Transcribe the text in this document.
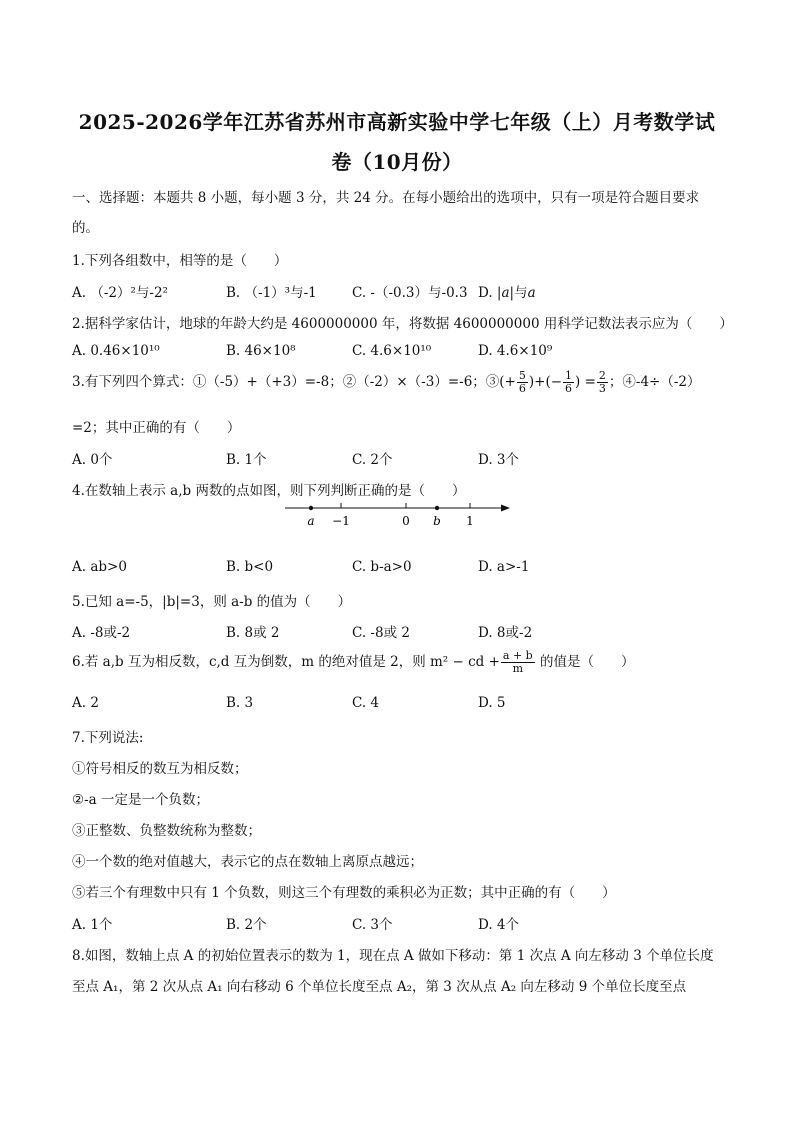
2025-2026学年江苏省苏州市高新实验中学七年级（上）月考数学试
卷（10月份）
一、选择题：本题共 8 小题，每小题 3 分，共 24 分。在每小题给出的选项中，只有一项是符合题目要求
的。
1.下列各组数中，相等的是（　　）
A. （-2）²与-2²	B. （-1）³与-1	C. -（-0.3）与-0.3 D. |a|与a
2.据科学家估计，地球的年龄大约是 4600000000 年，将数据 4600000000 用科学记数法表示应为（　　）
A. 0.46×10¹⁰	B. 46×10⁸	C. 4.6×10¹⁰	D. 4.6×10⁹
3.有下列四个算式：①（-5）+（+3）=-8；②（-2）×（-3）=-6；③(+ $\frac{5}{6}$ )+(− $\frac{1}{6}$ ) = $\frac{2}{3}$ ；④-4÷（-2）
=2；其中正确的有（　　）
A. 0个	B. 1个	C. 2个	D. 3个
4.在数轴上表示 a,b 两数的点如图，则下列判断正确的是（　　）
a −1	0 b 1
A. ab>0	B. b<0	C. b-a>0	D. a>-1
5.已知 a=-5，|b|=3，则 a-b 的值为（　　）
A. -8或-2	B. 8或 2	C. -8或 2	D. 8或-2
6.若 a,b 互为相反数，c,d 互为倒数，m 的绝对值是 2，则 m² − cd + $\frac{a + b}{m}$ 的值是（　　）
A. 2	B. 3	C. 4	D. 5
7.下列说法:
①符号相反的数互为相反数；
②-a 一定是一个负数；
③正整数、负整数统称为整数；
④一个数的绝对值越大，表示它的点在数轴上离原点越远；
⑤若三个有理数中只有 1 个负数，则这三个有理数的乘积必为正数；其中正确的有（　　）
A. 1个	B. 2个	C. 3个	D. 4个
8.如图，数轴上点 A 的初始位置表示的数为 1，现在点 A 做如下移动：第 1 次点 A 向左移动 3 个单位长度
至点 A₁，第 2 次从点 A₁ 向右移动 6 个单位长度至点 A₂，第 3 次从点 A₂ 向左移动 9 个单位长度至点
